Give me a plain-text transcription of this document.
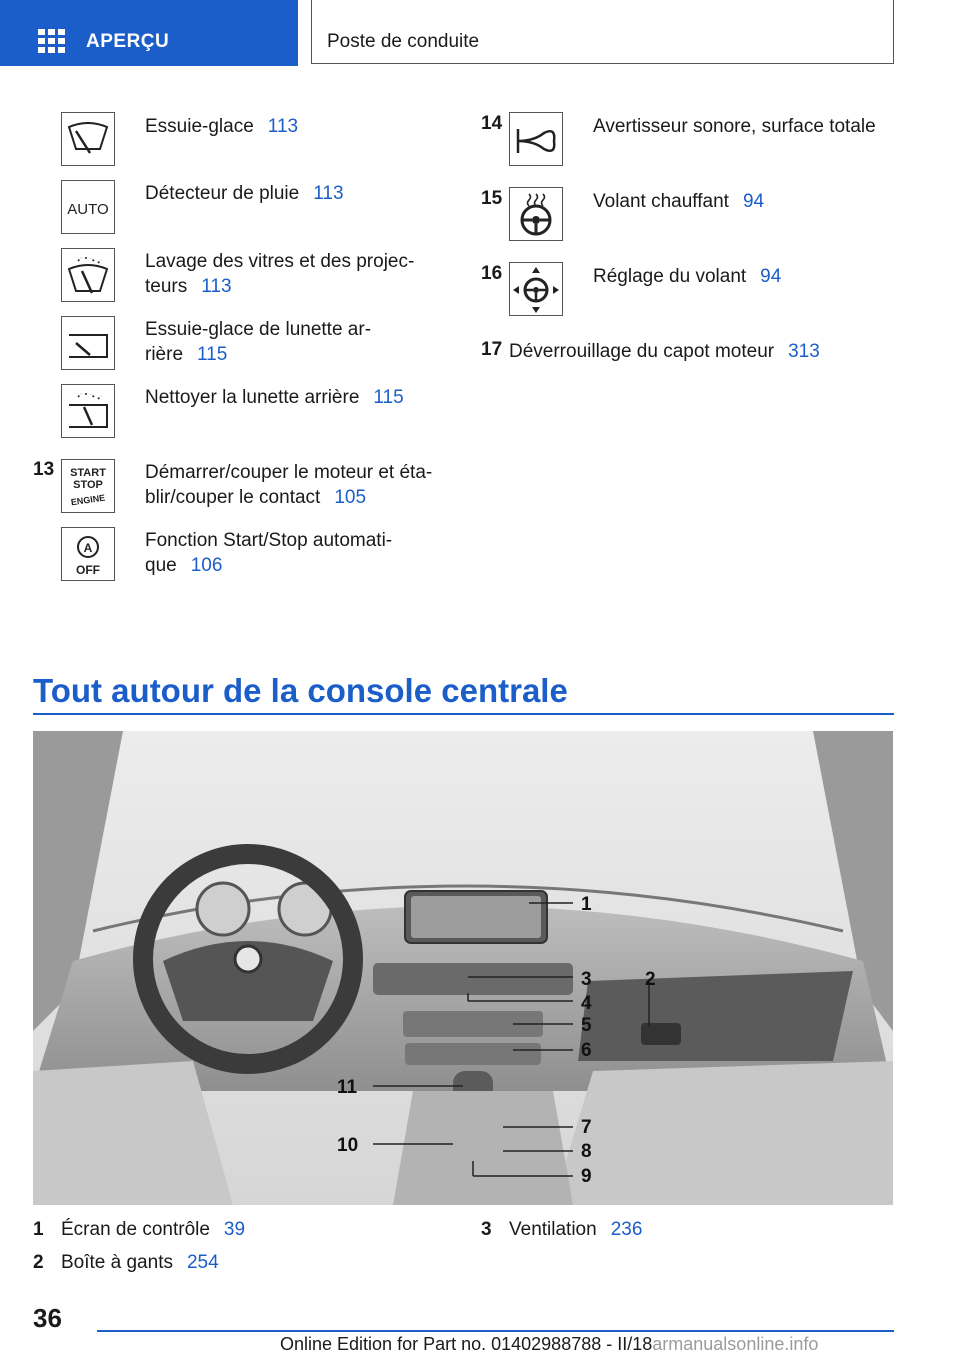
APERÇU	Poste de conduite
Essuie-glace 113
AUTO
Détecteur de pluie 113
Lavage des vitres et des projec-
teurs 113
Essuie-glace de lunette ar-
rière 115
Nettoyer la lunette arrière 115
13 START
STOP
ENGINE
Démarrer/couper le moteur et éta-
blir/couper le contact 105
A
OFF
Fonction Start/Stop automati-
que 106
14	Avertisseur sonore, surface totale
15	Volant chauffant 94
16	Réglage du volant 94
17 Déverrouillage du capot moteur 313
Tout autour de la console centrale
1
2
3
4
5
6
7
8
9
10
11
1 Écran de contrôle 39
2 Boîte à gants 254
3 Ventilation 236
36
Online Edition for Part no. 01402988788 - II/18armanualsonline.info
